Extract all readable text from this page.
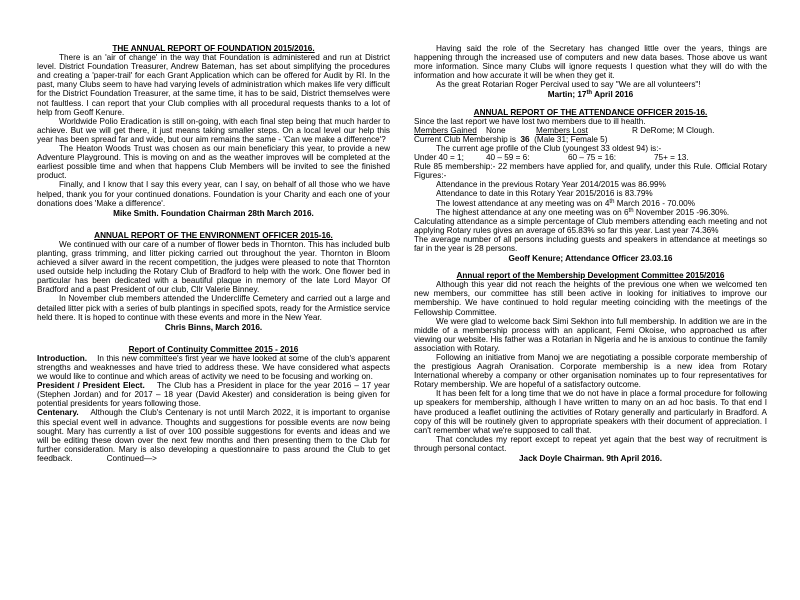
THE ANNUAL REPORT OF FOUNDATION 2015/2016.

There is an 'air of change' in the way that Foundation is administered and run at District level. District Foundation Treasurer, Andrew Bateman, has set about simplifying the procedures and creating a 'paper-trail' for each Grant Application which can be offered for Audit by RI. In the past, many Clubs seem to have had varying levels of administration which makes life very difficult for the District Foundation Treasurer, at the same time, it has to be said, District themselves were not faultless. I can report that your Club complies with all procedural requests thanks to a lot of help from Geoff Kenure.

Worldwide Polio Eradication is still on-going, with each final step being that much harder to achieve. But we will get there, it just means taking smaller steps. On a local level our help this year has been spread far and wide, but our aim remains the same - 'Can we make a difference'?

The Heaton Woods Trust was chosen as our main beneficiary this year, to provide a new Adventure Playground. This is moving on and as the weather improves will be completed at the earliest possible time and when that happens Club Members will be invited to see the finished product.

Finally, and I know that I say this every year, can I say, on behalf of all those who we have helped, thank you for your continued donations. Foundation is your Charity and each one of your donations does 'Make a difference'.

Mike Smith. Foundation Chairman 28th March 2016.

ANNUAL REPORT OF THE ENVIRONMENT OFFICER 2015-16.

We continued with our care of a number of flower beds in Thornton. This has included bulb planting, grass trimming, and litter picking carried out throughout the year. Thornton in Bloom achieved a silver award in the recent competition, the judges were pleased to note that Thornton used outside help including the Rotary Club of Bradford to help with the work. One flower bed in particular has been dedicated with a beautiful plaque in memory of the late Lord Mayor Of Bradford and a past President of our club, Cllr Valerie Binney.

In November club members attended the Undercliffe Cemetery and carried out a large and detailed litter pick with a series of bulb plantings in specified spots, ready for the Armistice service held there. It is hoped to continue with these events and more in the New Year.

Chris Binns, March 2016.

Report of Continuity Committee 2015 - 2016

Introduction. In this new committee's first year we have looked at some of the club's apparent strengths and weaknesses and have tried to address these. We have considered what aspects we would like to continue and which areas of activity we need to be focusing and working on.

President / President Elect. The Club has a President in place for the year 2016 – 17 year (Stephen Jordan) and for 2017 – 18 year (David Akester) and consideration is being given for potential presidents for years following those.

Centenary. Although the Club's Centenary is not until March 2022, it is important to organise this special event well in advance. Thoughts and suggestions for possible events are now being sought. Mary has currently a list of over 100 possible suggestions for events and ideas and we will be editing these down over the next few months and then presenting them to the Club for further consideration. Mary is also developing a questionnaire to pass around the Club to get feedback.	Continued—>

Having said the role of the Secretary has changed little over the years, things are happening through the increased use of computers and new data bases. Those above us want more information. Since many Clubs will ignore requests I question what they will do with the information and how accurate it will be when they get it.

As the great Rotarian Roger Percival used to say "We are all volunteers"!

Martin; 17th April 2016

ANNUAL REPORT OF THE ATTENDANCE OFFICER 2015-16.

Since the last report we have lost two members due to ill health.

Members Gained	None	Members Lost	R DeRome; M Clough.

Current Club Membership is 36 (Male 31; Female 5)

The current age profile of the Club (youngest 33 oldest 94) is:-

Under 40 = 1;	40 – 59 = 6:	60 – 75 = 16:	75+ = 13.

Rule 85 membership:- 22 members have applied for, and qualify, under this Rule. Official Rotary Figures:-

Attendance in the previous Rotary Year 2014/2015 was 86.99%

Attendance to date in this Rotary Year 2015/2016 is 83.79%

The lowest attendance at any meeting was on 4th March 2016 - 70.00%

The highest attendance at any one meeting was on 6th November 2015 -96.30%.

Calculating attendance as a simple percentage of Club members attending each meeting and not applying Rotary rules gives an average of 65.83% so far this year. Last year 74.36%

The average number of all persons including guests and speakers in attendance at meetings so far in the year is 28 persons.

Geoff Kenure; Attendance Officer 23.03.16

Annual report of the Membership Development Committee 2015/2016

Although this year did not reach the heights of the previous one when we welcomed ten new members, our committee has still been active in looking for initiatives to improve our membership. We have continued to hold regular meeting coinciding with the meetings of the Fellowship Committee.

We were glad to welcome back Simi Sekhon into full membership. In addition we are in the middle of a membership process with an applicant, Femi Okoise, who approached us after viewing our website. His father was a Rotarian in Nigeria and he is anxious to continue the family association with Rotary.

Following an initiative from Manoj we are negotiating a possible corporate membership of the prestigious Aagrah Oranisation. Corporate membership is a new idea from Rotary International whereby a company or other organisation nominates up to four representatives for Rotary membership. We are hopeful of a satisfactory outcome.

It has been felt for a long time that we do not have in place a formal procedure for following up speakers for membership, although I have written to many on an ad hoc basis. To that end I have produced a leaflet outlining the activities of Rotary generally and particularly in Bradford. A copy of this will be routinely given to appropriate speakers with their document of appreciation. I can't remember what we're supposed to call that.

That concludes my report except to repeat yet again that the best way of recruitment is through personal contact.

Jack Doyle Chairman. 9th April 2016.
